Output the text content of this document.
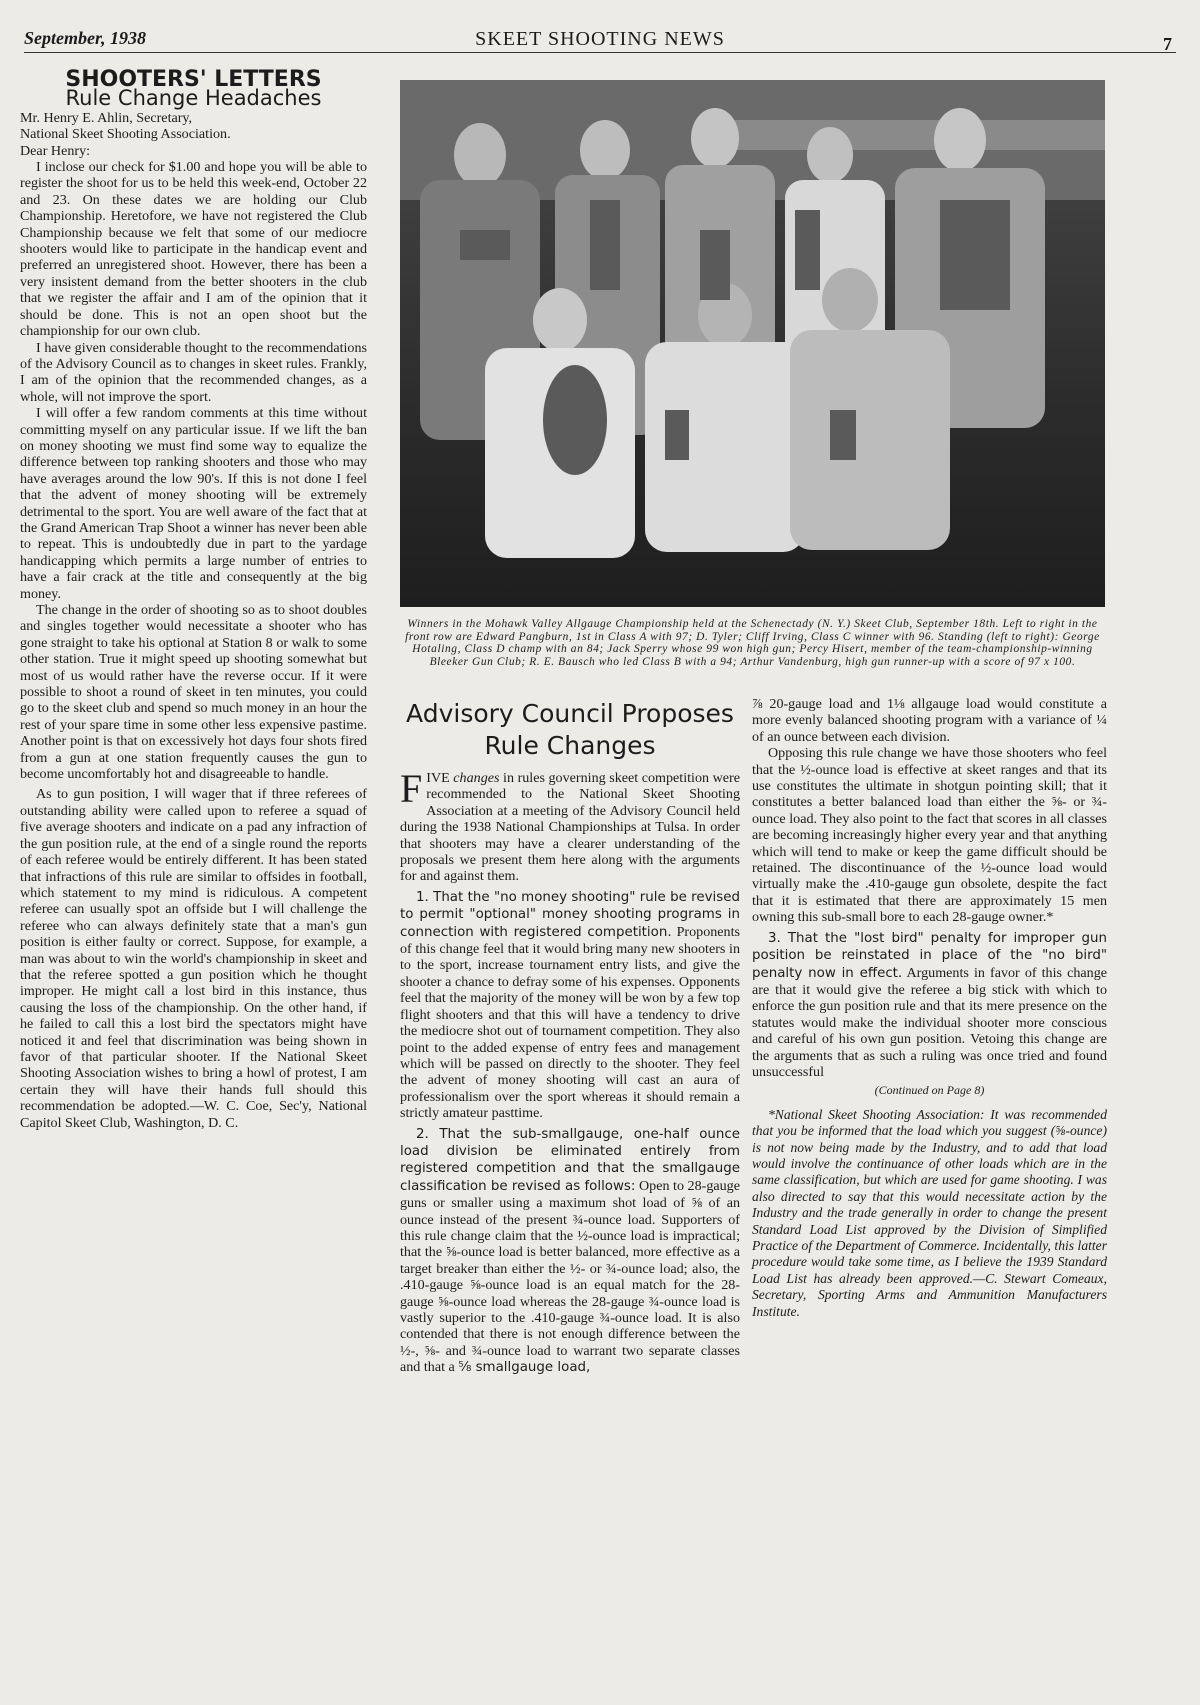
September, 1938	SKEET SHOOTING NEWS	7
SHOOTERS' LETTERS
Rule Change Headaches
Mr. Henry E. Ahlin, Secretary,
National Skeet Shooting Association.
Dear Henry:

I inclose our check for $1.00 and hope you will be able to register the shoot for us to be held this week-end, October 22 and 23. On these dates we are holding our Club Championship. Heretofore, we have not registered the Club Championship because we felt that some of our mediocre shooters would like to participate in the handicap event and preferred an unregistered shoot. However, there has been a very insistent demand from the better shooters in the club that we register the affair and I am of the opinion that it should be done. This is not an open shoot but the championship for our own club.

I have given considerable thought to the recommendations of the Advisory Council as to changes in skeet rules. Frankly, I am of the opinion that the recommended changes, as a whole, will not improve the sport.

I will offer a few random comments at this time without committing myself on any particular issue. If we lift the ban on money shooting we must find some way to equalize the difference between top ranking shooters and those who may have averages around the low 90's. If this is not done I feel that the advent of money shooting will be extremely detrimental to the sport. You are well aware of the fact that at the Grand American Trap Shoot a winner has never been able to repeat. This is undoubtedly due in part to the yardage handicapping which permits a large number of entries to have a fair crack at the title and consequently at the big money.

The change in the order of shooting so as to shoot doubles and singles together would necessitate a shooter who has gone straight to take his optional at Station 8 or walk to some other station. True it might speed up shooting somewhat but most of us would rather have the reverse occur. If it were possible to shoot a round of skeet in ten minutes, you could go to the skeet club and spend so much money in an hour the rest of your spare time in some other less expensive pastime. Another point is that on excessively hot days four shots fired from a gun at one station frequently causes the gun to become uncomfortably hot and disagreeable to handle.

As to gun position, I will wager that if three referees of outstanding ability were called upon to referee a squad of five average shooters and indicate on a pad any infraction of the gun position rule, at the end of a single round the reports of each referee would be entirely different. It has been stated that infractions of this rule are similar to offsides in football, which statement to my mind is ridiculous. A competent referee can usually spot an offside but I will challenge the referee who can always definitely state that a man's gun position is either faulty or correct. Suppose, for example, a man was about to win the world's championship in skeet and that the referee spotted a gun position which he thought improper. He might call a lost bird in this instance, thus causing the loss of the championship. On the other hand, if he failed to call this a lost bird the spectators might have noticed it and feel that discrimination was being shown in favor of that particular shooter. If the National Skeet Shooting Association wishes to bring a howl of protest, I am certain they will have their hands full should this recommendation be adopted.—W. C. Coe, Sec'y, National Capitol Skeet Club, Washington, D. C.

Winners in the Mohawk Valley Allgauge Championship held at the Schenectady (N. Y.) Skeet Club, September 18th. Left to right in the front row are Edward Pangburn, 1st in Class A with 97; D. Tyler; Cliff Irving, Class C winner with 96. Standing (left to right): George Hotaling, Class D champ with an 84; Jack Sperry whose 99 won high gun; Percy Hisert, member of the team-championship-winning Bleeker Gun Club; R. E. Bausch who led Class B with a 94; Arthur Vandenburg, high gun runner-up with a score of 97 x 100.
Advisory Council Proposes
Rule Changes

FIVE changes in rules governing skeet competition were recommended to the National Skeet Shooting Association at a meeting of the Advisory Council held during the 1938 National Championships at Tulsa. In order that shooters may have a clearer understanding of the proposals we present them here along with the arguments for and against them.

1. That the "no money shooting" rule be revised to permit "optional" money shooting programs in connection with registered competition. Proponents of this change feel that it would bring many new shooters in to the sport, increase tournament entry lists, and give the shooter a chance to defray some of his expenses. Opponents feel that the majority of the money will be won by a few top flight shooters and that this will have a tendency to drive the mediocre shot out of tournament competition. They also point to the added expense of entry fees and management which will be passed on directly to the shooter. They feel the advent of money shooting will cast an aura of professionalism over the sport whereas it should remain a strictly amateur pasttime.

2. That the sub-smallgauge, one-half ounce load division be eliminated entirely from registered competition and that the smallgauge classification be revised as follows: Open to 28-gauge guns or smaller using a maximum shot load of ⅝ of an ounce instead of the present ¾-ounce load. Supporters of this rule change claim that the ½-ounce load is impractical; that the ⅝-ounce load is better balanced, more effective as a target breaker than either the ½- or ¾-ounce load; also, the .410-gauge ⅝-ounce load is an equal match for the 28-gauge ⅝-ounce load whereas the 28-gauge ¾-ounce load is vastly superior to the .410-gauge ¾-ounce load. It is also contended that there is not enough difference between the ½-, ⅝- and ¾-ounce load to warrant two separate classes and that a ⅝ smallgauge load,

⅞ 20-gauge load and 1⅛ allgauge load would constitute a more evenly balanced shooting program with a variance of ¼ of an ounce between each division.

Opposing this rule change we have those shooters who feel that the ½-ounce load is effective at skeet ranges and that its use constitutes the ultimate in shotgun pointing skill; that it constitutes a better balanced load than either the ⅝- or ¾-ounce load. They also point to the fact that scores in all classes are becoming increasingly higher every year and that anything which will tend to make or keep the game difficult should be retained. The discontinuance of the ½-ounce load would virtually make the .410-gauge gun obsolete, despite the fact that it is estimated that there are approximately 15 men owning this sub-small bore to each 28-gauge owner.*

3. That the "lost bird" penalty for improper gun position be reinstated in place of the "no bird" penalty now in effect. Arguments in favor of this change are that it would give the referee a big stick with which to enforce the gun position rule and that its mere presence on the statutes would make the individual shooter more conscious and careful of his own gun position. Vetoing this change are the arguments that as such a ruling was once tried and found unsuccessful

(Continued on Page 8)

*National Skeet Shooting Association: It was recommended that you be informed that the load which you suggest (⅝-ounce) is not now being made by the Industry, and to add that load would involve the continuance of other loads which are in the same classification, but which are used for game shooting. I was also directed to say that this would necessitate action by the Industry and the trade generally in order to change the present Standard Load List approved by the Division of Simplified Practice of the Department of Commerce. Incidentally, this latter procedure would take some time, as I believe the 1939 Standard Load List has already been approved.—C. Stewart Comeaux, Secretary, Sporting Arms and Ammunition Manufacturers Institute.
